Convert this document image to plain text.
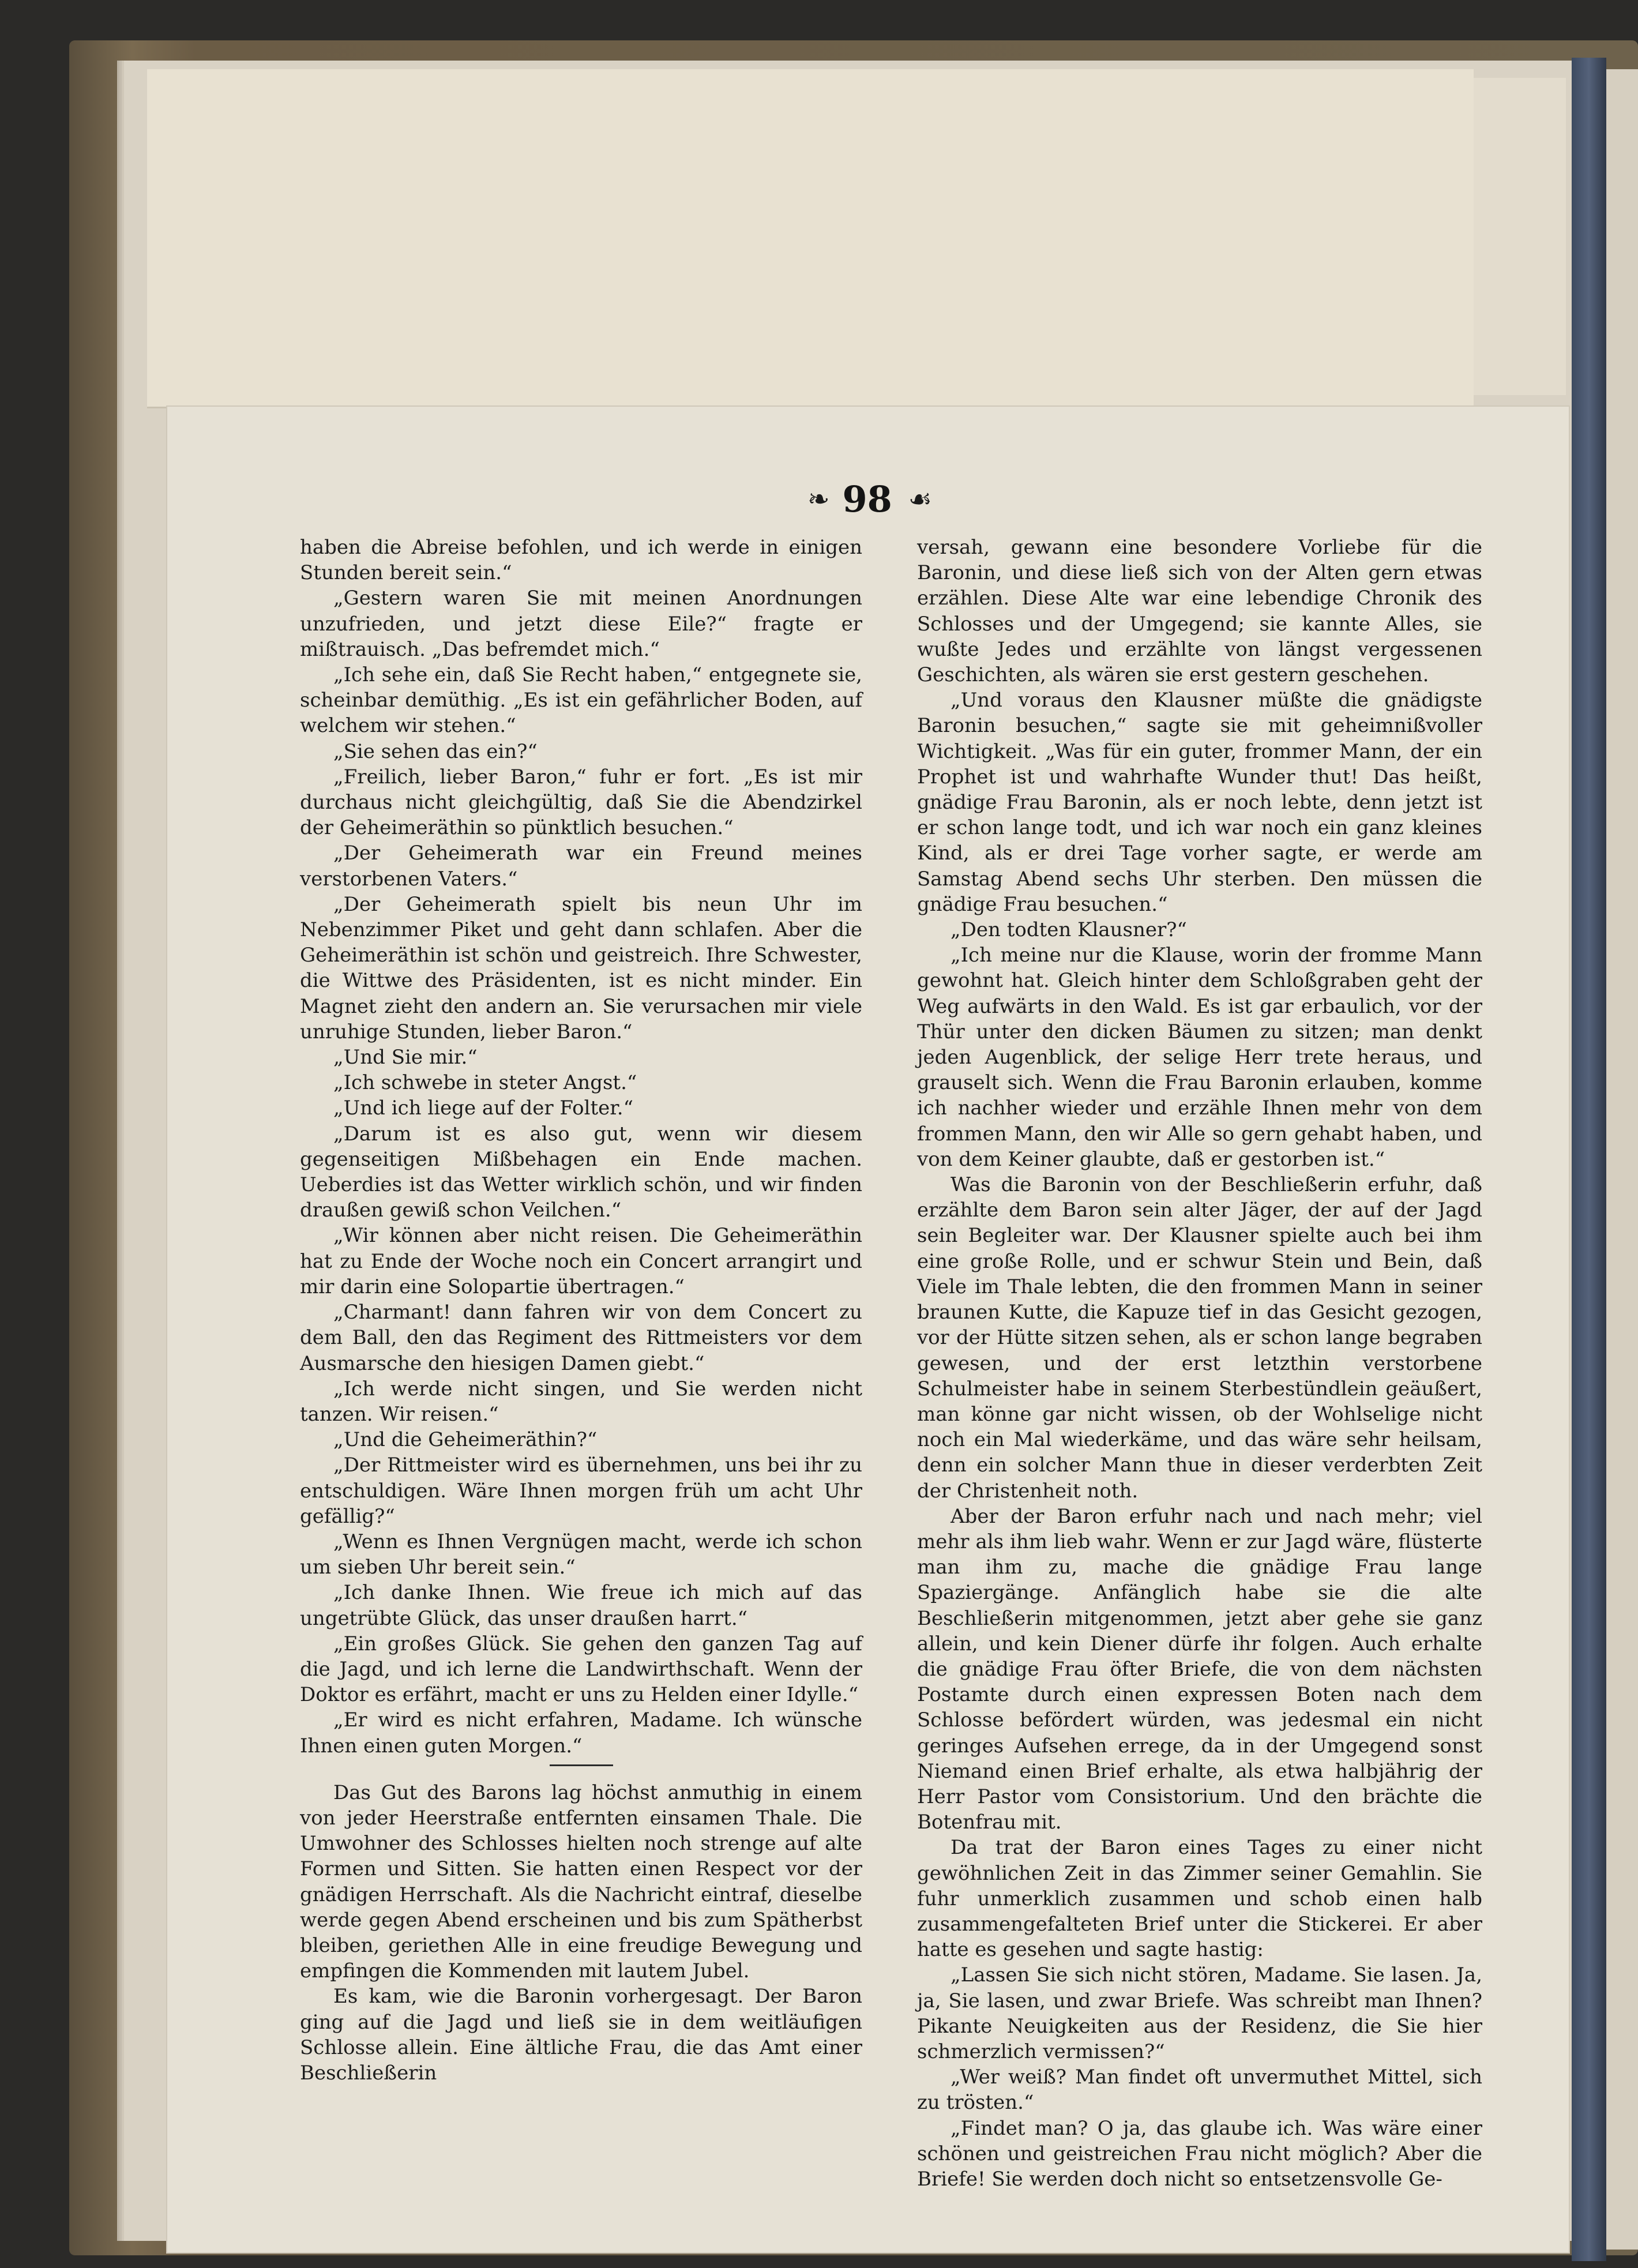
❧ 98 ☙

haben die Abreise befohlen, und ich werde in einigen Stunden bereit sein.“

„Gestern waren Sie mit meinen Anordnungen unzufrieden, und jetzt diese Eile?“ fragte er mißtrauisch. „Das befremdet mich.“

„Ich sehe ein, daß Sie Recht haben,“ entgegnete sie, scheinbar demüthig. „Es ist ein gefährlicher Boden, auf welchem wir stehen.“

„Sie sehen das ein?“

„Freilich, lieber Baron,“ fuhr er fort. „Es ist mir durchaus nicht gleichgültig, daß Sie die Abendzirkel der Geheimeräthin so pünktlich besuchen.“

„Der Geheimerath war ein Freund meines verstorbenen Vaters.“

„Der Geheimerath spielt bis neun Uhr im Nebenzimmer Piket und geht dann schlafen. Aber die Geheimeräthin ist schön und geistreich. Ihre Schwester, die Wittwe des Präsidenten, ist es nicht minder. Ein Magnet zieht den andern an. Sie verursachen mir viele unruhige Stunden, lieber Baron.“

„Und Sie mir.“

„Ich schwebe in steter Angst.“

„Und ich liege auf der Folter.“

„Darum ist es also gut, wenn wir diesem gegenseitigen Mißbehagen ein Ende machen. Ueberdies ist das Wetter wirklich schön, und wir finden draußen gewiß schon Veilchen.“

„Wir können aber nicht reisen. Die Geheimeräthin hat zu Ende der Woche noch ein Concert arrangirt und mir darin eine Solopartie übertragen.“

„Charmant! dann fahren wir von dem Concert zu dem Ball, den das Regiment des Rittmeisters vor dem Ausmarsche den hiesigen Damen giebt.“

„Ich werde nicht singen, und Sie werden nicht tanzen. Wir reisen.“

„Und die Geheimeräthin?“

„Der Rittmeister wird es übernehmen, uns bei ihr zu entschuldigen. Wäre Ihnen morgen früh um acht Uhr gefällig?“

„Wenn es Ihnen Vergnügen macht, werde ich schon um sieben Uhr bereit sein.“

„Ich danke Ihnen. Wie freue ich mich auf das ungetrübte Glück, das unser draußen harrt.“

„Ein großes Glück. Sie gehen den ganzen Tag auf die Jagd, und ich lerne die Landwirthschaft. Wenn der Doktor es erfährt, macht er uns zu Helden einer Idylle.“

„Er wird es nicht erfahren, Madame. Ich wünsche Ihnen einen guten Morgen.“

Das Gut des Barons lag höchst anmuthig in einem von jeder Heerstraße entfernten einsamen Thale. Die Umwohner des Schlosses hielten noch strenge auf alte Formen und Sitten. Sie hatten einen Respect vor der gnädigen Herrschaft. Als die Nachricht eintraf, dieselbe werde gegen Abend erscheinen und bis zum Spätherbst bleiben, geriethen Alle in eine freudige Bewegung und empfingen die Kommenden mit lautem Jubel.

Es kam, wie die Baronin vorhergesagt. Der Baron ging auf die Jagd und ließ sie in dem weitläufigen Schlosse allein. Eine ältliche Frau, die das Amt einer Beschließerin

versah, gewann eine besondere Vorliebe für die Baronin, und diese ließ sich von der Alten gern etwas erzählen. Diese Alte war eine lebendige Chronik des Schlosses und der Umgegend; sie kannte Alles, sie wußte Jedes und erzählte von längst vergessenen Geschichten, als wären sie erst gestern geschehen.

„Und voraus den Klausner müßte die gnädigste Baronin besuchen,“ sagte sie mit geheimnißvoller Wichtigkeit. „Was für ein guter, frommer Mann, der ein Prophet ist und wahrhafte Wunder thut! Das heißt, gnädige Frau Baronin, als er noch lebte, denn jetzt ist er schon lange todt, und ich war noch ein ganz kleines Kind, als er drei Tage vorher sagte, er werde am Samstag Abend sechs Uhr sterben. Den müssen die gnädige Frau besuchen.“

„Den todten Klausner?“

„Ich meine nur die Klause, worin der fromme Mann gewohnt hat. Gleich hinter dem Schloßgraben geht der Weg aufwärts in den Wald. Es ist gar erbaulich, vor der Thür unter den dicken Bäumen zu sitzen; man denkt jeden Augenblick, der selige Herr trete heraus, und grauselt sich. Wenn die Frau Baronin erlauben, komme ich nachher wieder und erzähle Ihnen mehr von dem frommen Mann, den wir Alle so gern gehabt haben, und von dem Keiner glaubte, daß er gestorben ist.“

Was die Baronin von der Beschließerin erfuhr, daß erzählte dem Baron sein alter Jäger, der auf der Jagd sein Begleiter war. Der Klausner spielte auch bei ihm eine große Rolle, und er schwur Stein und Bein, daß Viele im Thale lebten, die den frommen Mann in seiner braunen Kutte, die Kapuze tief in das Gesicht gezogen, vor der Hütte sitzen sehen, als er schon lange begraben gewesen, und der erst letzthin verstorbene Schulmeister habe in seinem Sterbestündlein geäußert, man könne gar nicht wissen, ob der Wohlselige nicht noch ein Mal wiederkäme, und das wäre sehr heilsam, denn ein solcher Mann thue in dieser verderbten Zeit der Christenheit noth.

Aber der Baron erfuhr nach und nach mehr; viel mehr als ihm lieb wahr. Wenn er zur Jagd wäre, flüsterte man ihm zu, mache die gnädige Frau lange Spaziergänge. Anfänglich habe sie die alte Beschließerin mitgenommen, jetzt aber gehe sie ganz allein, und kein Diener dürfe ihr folgen. Auch erhalte die gnädige Frau öfter Briefe, die von dem nächsten Postamte durch einen expressen Boten nach dem Schlosse befördert würden, was jedesmal ein nicht geringes Aufsehen errege, da in der Umgegend sonst Niemand einen Brief erhalte, als etwa halbjährig der Herr Pastor vom Consistorium. Und den brächte die Botenfrau mit.

Da trat der Baron eines Tages zu einer nicht gewöhnlichen Zeit in das Zimmer seiner Gemahlin. Sie fuhr unmerklich zusammen und schob einen halb zusammengefalteten Brief unter die Stickerei. Er aber hatte es gesehen und sagte hastig:

„Lassen Sie sich nicht stören, Madame. Sie lasen. Ja, ja, Sie lasen, und zwar Briefe. Was schreibt man Ihnen? Pikante Neuigkeiten aus der Residenz, die Sie hier schmerzlich vermissen?“

„Wer weiß? Man findet oft unvermuthet Mittel, sich zu trösten.“

„Findet man? O ja, das glaube ich. Was wäre einer schönen und geistreichen Frau nicht möglich? Aber die Briefe! Sie werden doch nicht so entsetzensvolle Ge-
